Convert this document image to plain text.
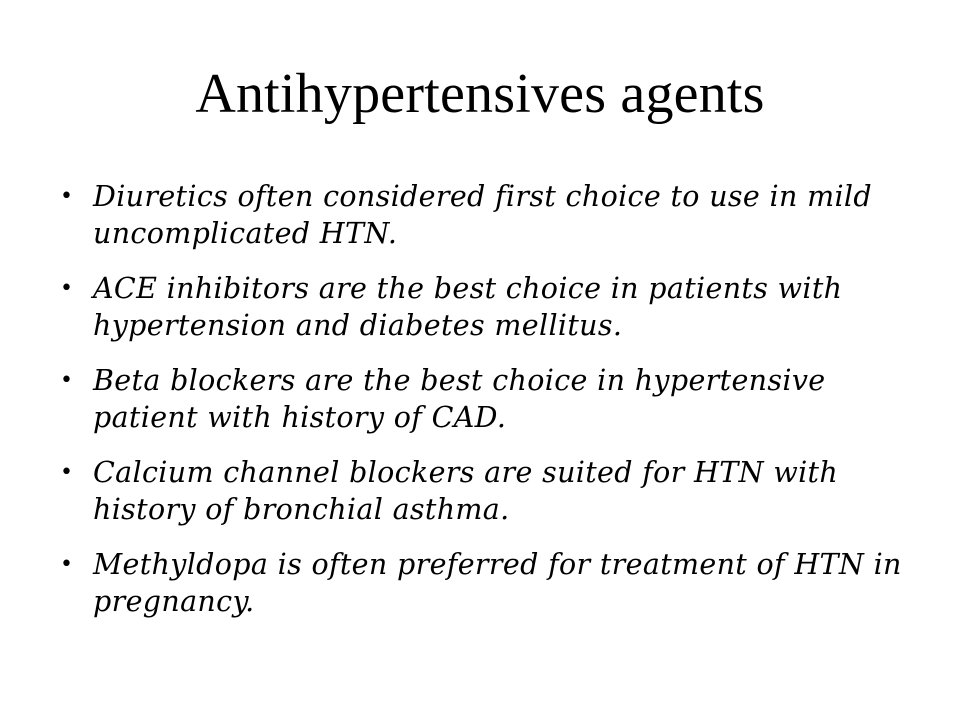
Antihypertensives agents
• Diuretics often considered first choice to use in mild uncomplicated HTN.
• ACE inhibitors are the best choice in patients with hypertension and diabetes mellitus.
• Beta blockers are the best choice in hypertensive patient with history of CAD.
• Calcium channel blockers are suited for HTN with history of bronchial asthma.
• Methyldopa is often preferred for treatment of HTN in pregnancy.
